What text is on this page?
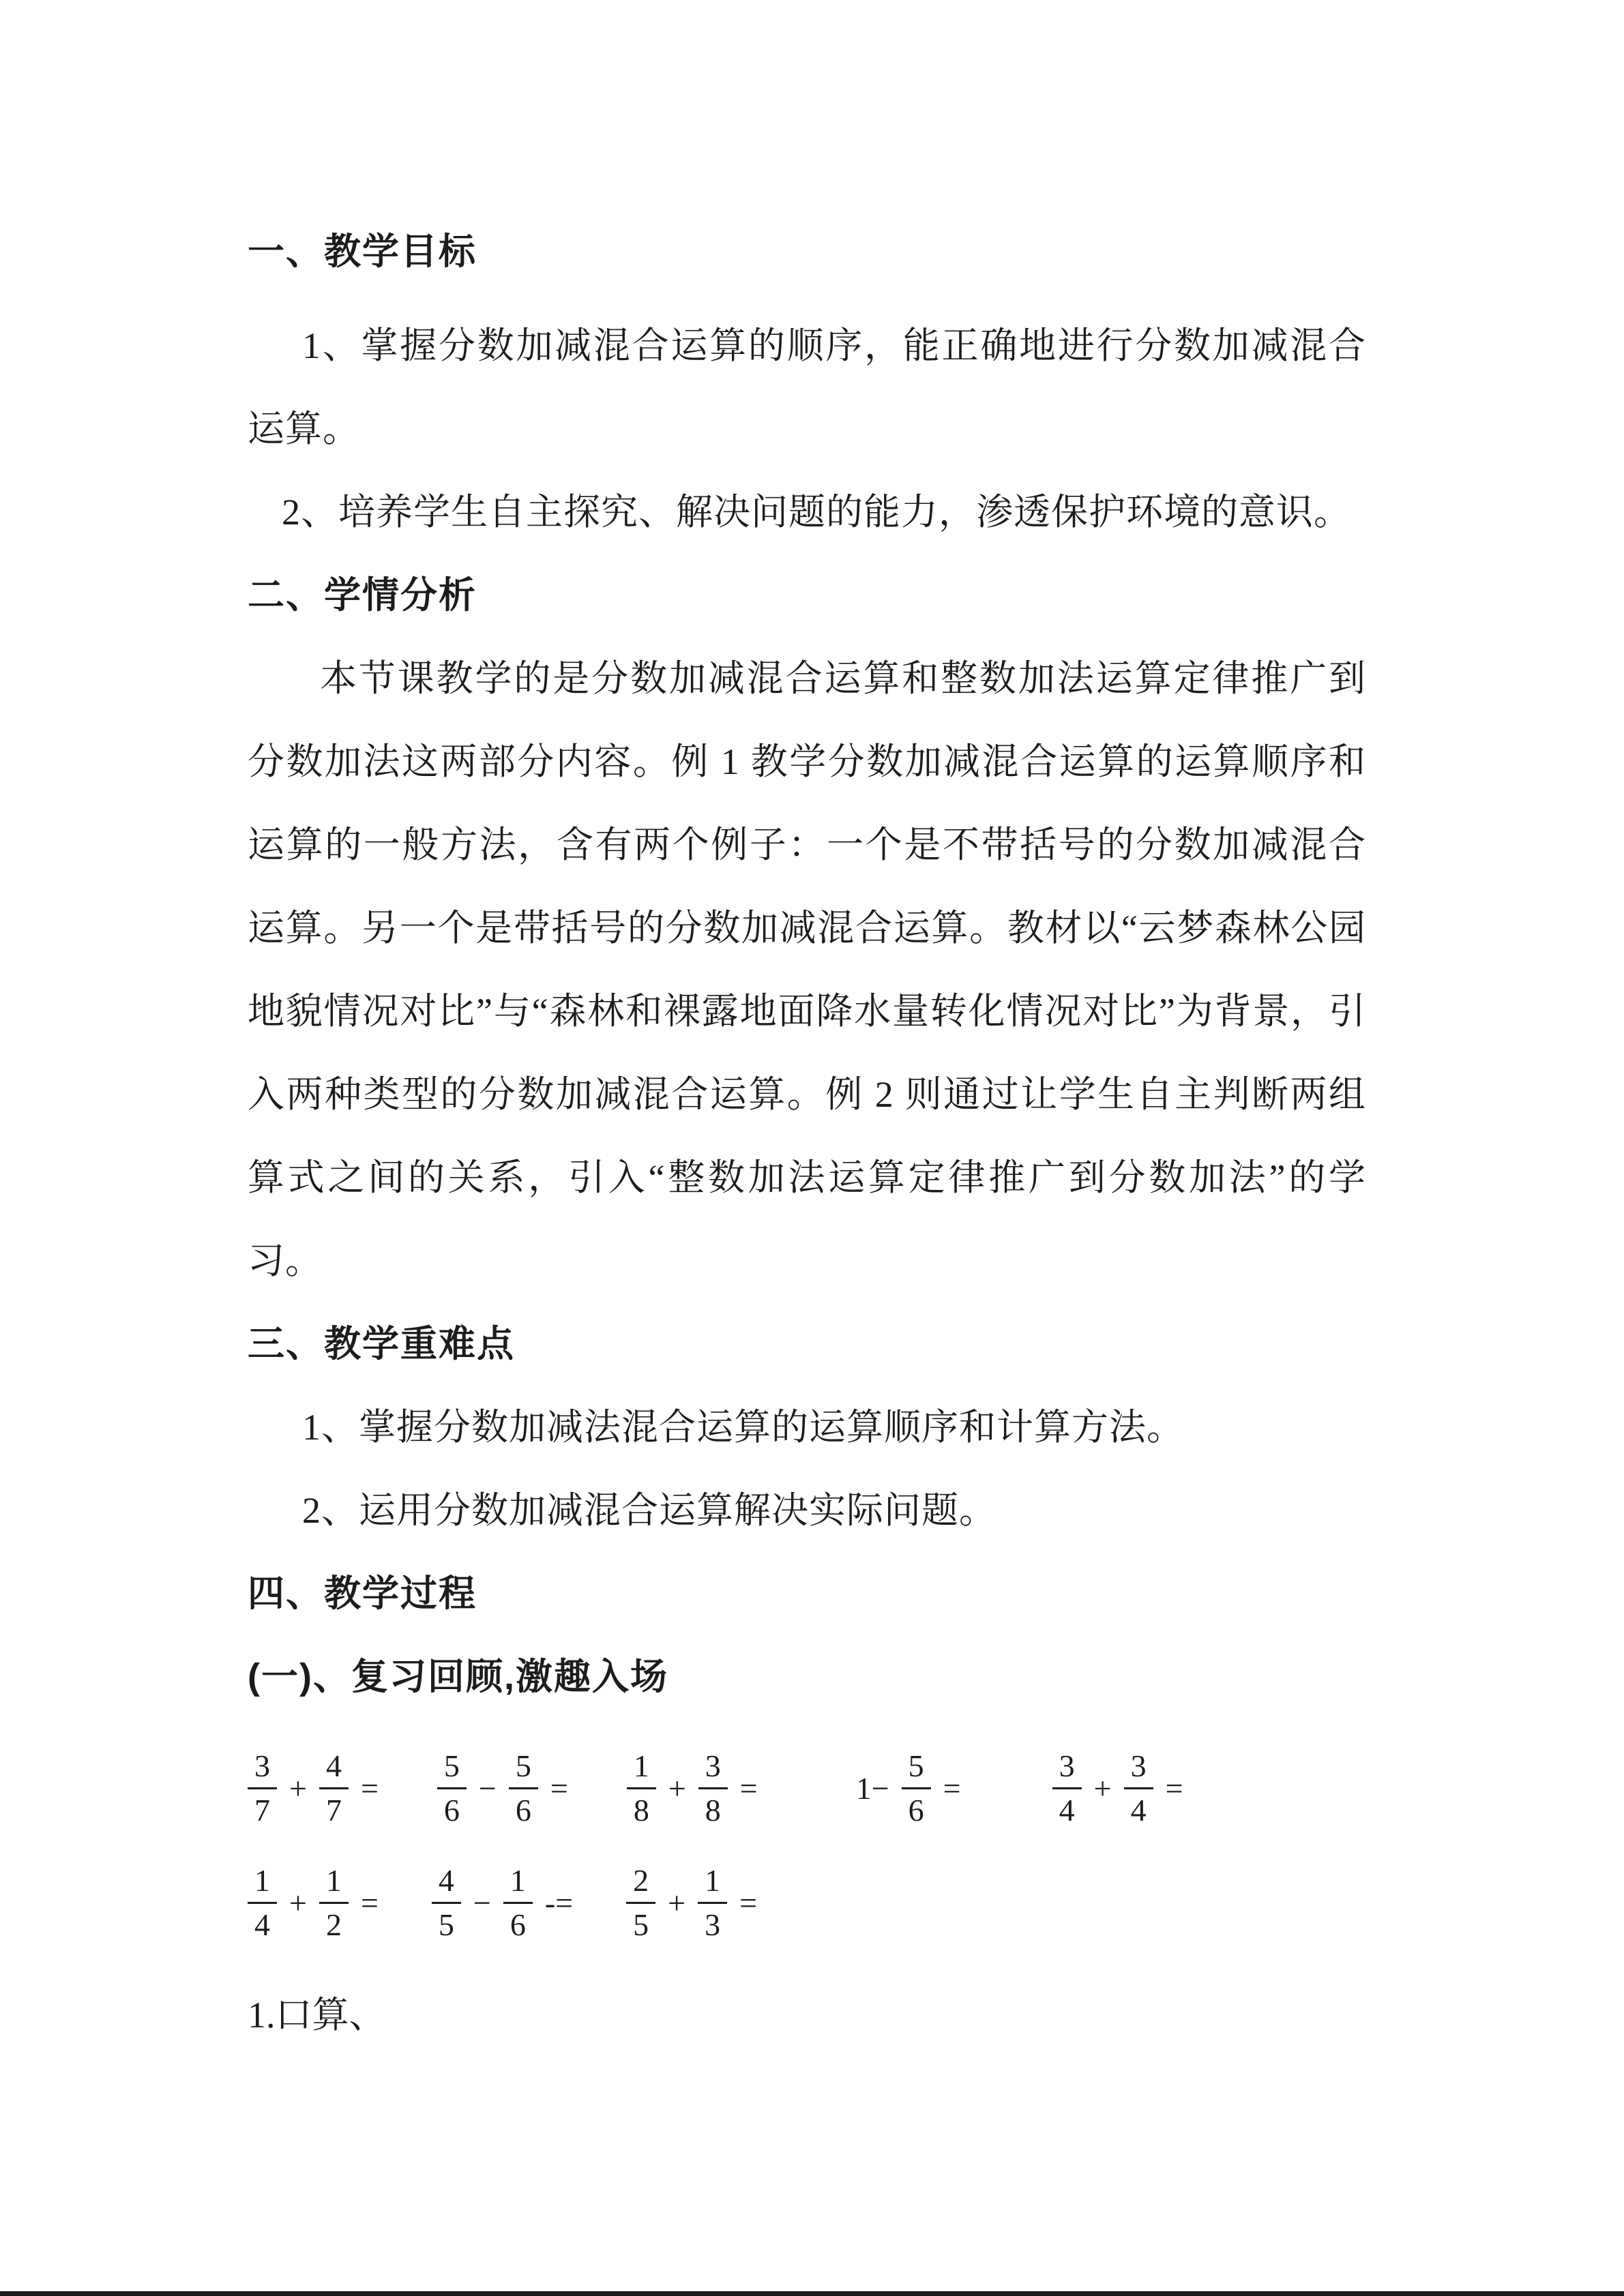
一、教学目标

1、掌握分数加减混合运算的顺序，能正确地进行分数加减混合运算。

2、培养学生自主探究、解决问题的能力，渗透保护环境的意识。

二、学情分析

本节课教学的是分数加减混合运算和整数加法运算定律推广到分数加法这两部分内容。例 1 教学分数加减混合运算的运算顺序和运算的一般方法，含有两个例子：一个是不带括号的分数加减混合运算。另一个是带括号的分数加减混合运算。教材以“云梦森林公园地貌情况对比”与“森林和裸露地面降水量转化情况对比”为背景，引入两种类型的分数加减混合运算。例 2 则通过让学生自主判断两组算式之间的关系，引入“整数加法运算定律推广到分数加法”的学习。

三、教学重难点

1、掌握分数加减法混合运算的运算顺序和计算方法。

2、运用分数加减混合运算解决实际问题。

四、教学过程
(一)、复习回顾,激趣入场
$\frac{3}{7} + \frac{4}{7} = \frac{5}{6} - \frac{5}{6} = \frac{1}{8} + \frac{3}{8}$ =	$1- \frac{5}{6}$ =	$\frac{3}{4} + \frac{3}{4}$ =
$\frac{1}{4} + \frac{1}{2} = \frac{4}{5} - \frac{1}{6} -= \frac{2}{5} + \frac{1}{3}$ =

1.口算、
